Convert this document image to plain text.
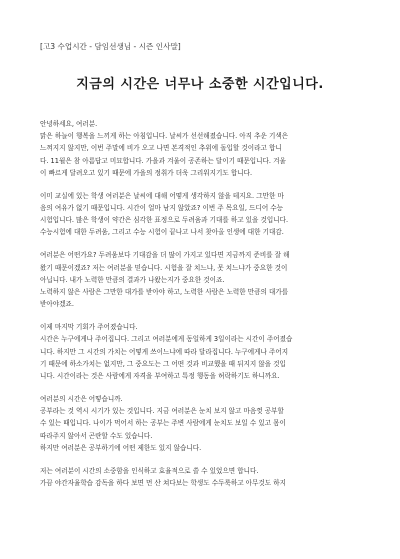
[고3 수업시간 - 담임선생님 - 시즌 인사말]
지금의 시간은 너무나 소중한 시간입니다.

안녕하세요, 여러분.
맑은 하늘이 행복을 느끼게 하는 아침입니다. 날씨가 선선해졌습니다. 아직 추운 기색은
느껴지지 않지만, 이번 주말에 비가 오고 나면 본격적인 추위에 돌입할 것이라고 합니
다. 11월은 참 아름답고 미묘합니다. 가을과 겨울이 공존하는 달이기 때문입니다. 겨울
이 빠르게 달려오고 있기 때문에 가을의 정취가 더욱 그리워지기도 합니다.

이미 교실에 있는 학생 여러분은 날씨에 대해 어떻게 생각하지 않을 테지요. 그만한 마
음의 여유가 없기 때문입니다. 시간이 얼마 남지 않았죠? 이번 주 목요일, 드디어 수능
시험입니다. 많은 학생이 약간은 심각한 표정으로 두려움과 기대를 하고 있을 것입니다.
수능시험에 대한 두려움, 그리고 수능 시험이 끝나고 나서 찾아올 인생에 대한 기대감.

여러분은 어떤가요? 두려움보다 기대감을 더 많이 가지고 있다면 지금까지 준비를 잘 해
왔기 때문이겠죠? 저는 여러분을 믿습니다. 시험을 잘 치느냐, 못 치느냐가 중요한 것이
아닙니다. 내가 노력한 만큼의 결과가 나왔는지가 중요한 것이죠.
노력하지 않은 사람은 그만한 대가를 받아야 하고, 노력한 사람은 노력한 만큼의 대가를
받아야겠죠.

이제 마지막 기회가 주어졌습니다.
시간은 누구에게나 주어집니다. 그리고 여러분에게 동일하게 3일이라는 시간이 주어졌습
니다. 하지만 그 시간의 가치는 어떻게 쓰이느냐에 따라 달라집니다. 누구에게나 주어지
기 때문에 하소가치는 없지만, 그 중요도는 그 어떤 것과 비교했을 때 뒤지지 않을 것입
니다. 시간이라는 것은 사람에게 자격을 부여하고 특정 행동을 허락하기도 하니까요.

여러분의 시간은 어떻습니까.
공부라는 것 역시 시기가 있는 것입니다. 지금 여러분은 눈치 보지 않고 마음껏 공부할
수 있는 때입니다. 나이가 먹어서 하는 공부는 주변 사람에게 눈치도 보일 수 있고 몸이
따라주지 않아서 곤란할 수도 있습니다.
하지만 여러분은 공부하기에 어떤 제한도 있지 않습니다.

저는 여러분이 시간의 소중함을 인식하고 효율적으로 쓸 수 있었으면 합니다.
가끔 야간자율학습 감독을 하다 보면 먼 산 쳐다보는 학생도 수두룩하고 아무것도 하지
